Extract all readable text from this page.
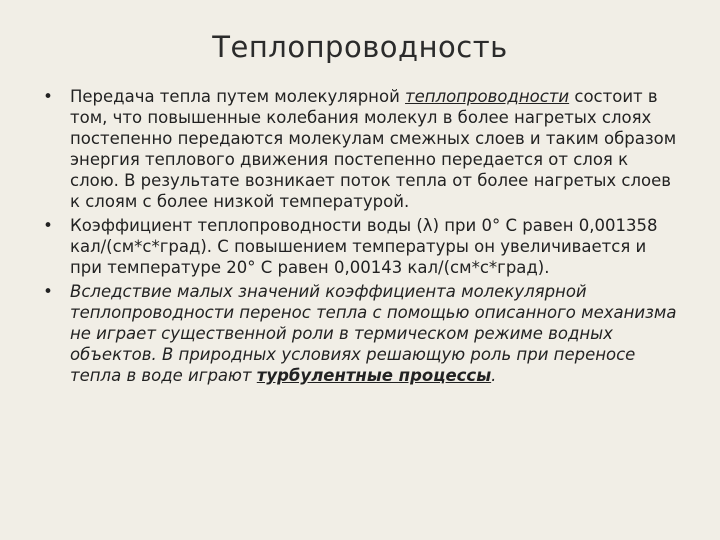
Теплопроводность
• Передача тепла путем молекулярной теплопроводности состоит в том, что повышенные колебания молекул в более нагретых слоях постепенно передаются молекулам смежных слоев и таким образом энергия теплового движения постепенно передается от слоя к слою. В результате возникает поток тепла от более нагретых слоев к слоям с более низкой температурой.
• Коэффициент теплопроводности воды (λ) при 0° С равен 0,001358 кал/(см*с*град). С повышением температуры он увеличивается и при температуре 20° С равен 0,00143 кал/(см*с*град).
• Вследствие малых значений коэффициента молекулярной теплопроводности перенос тепла с помощью описанного механизма не играет существенной роли в термическом режиме водных объектов. В природных условиях решающую роль при переносе тепла в воде играют турбулентные процессы.
